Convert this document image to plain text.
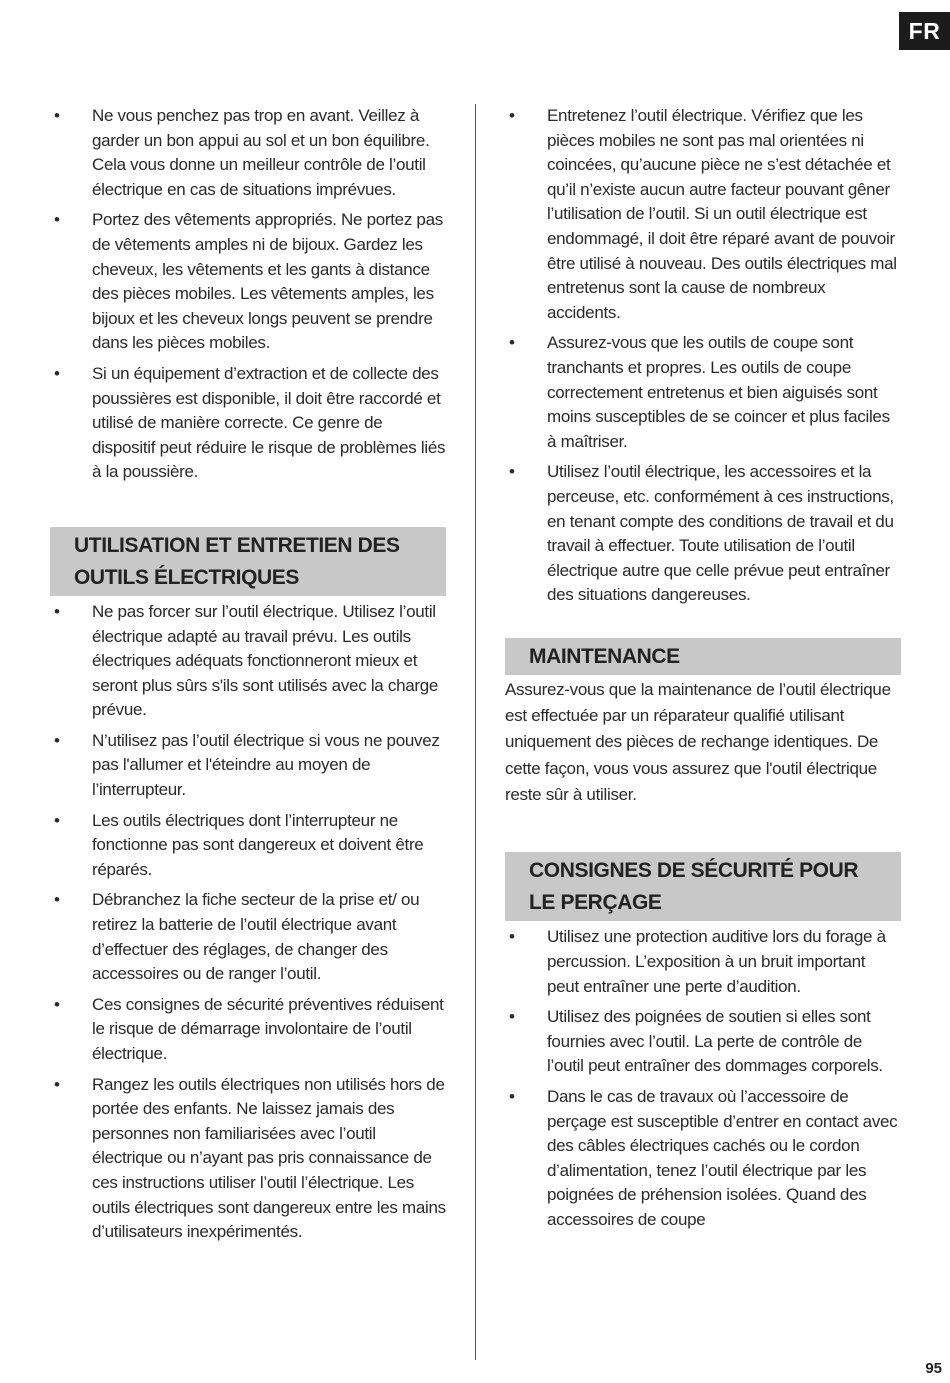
FR
• Ne vous penchez pas trop en avant. Veillez à garder un bon appui au sol et un bon équilibre. Cela vous donne un meilleur contrôle de l’outil électrique en cas de situations imprévues.
• Portez des vêtements appropriés. Ne portez pas de vêtements amples ni de bijoux. Gardez les cheveux, les vêtements et les gants à distance des pièces mobiles. Les vêtements amples, les bijoux et les cheveux longs peuvent se prendre dans les pièces mobiles.
• Si un équipement d’extraction et de collecte des poussières est disponible, il doit être raccordé et utilisé de manière correcte. Ce genre de dispositif peut réduire le risque de problèmes liés à la poussière.
UTILISATION ET ENTRETIEN DES OUTILS ÉLECTRIQUES
• Ne pas forcer sur l’outil électrique. Utilisez l’outil électrique adapté au travail prévu. Les outils électriques adéquats fonctionneront mieux et seront plus sûrs s'ils sont utilisés avec la charge prévue.
• N’utilisez pas l’outil électrique si vous ne pouvez pas l'allumer et l'éteindre au moyen de l’interrupteur.
• Les outils électriques dont l’interrupteur ne fonctionne pas sont dangereux et doivent être réparés.
• Débranchez la fiche secteur de la prise et/ ou retirez la batterie de l’outil électrique avant d’effectuer des réglages, de changer des accessoires ou de ranger l’outil.
• Ces consignes de sécurité préventives réduisent le risque de démarrage involontaire de l’outil électrique.
• Rangez les outils électriques non utilisés hors de portée des enfants. Ne laissez jamais des personnes non familiarisées avec l’outil électrique ou n’ayant pas pris connaissance de ces instructions utiliser l’outil l’électrique. Les outils électriques sont dangereux entre les mains d’utilisateurs inexpérimentés.
• Entretenez l’outil électrique. Vérifiez que les pièces mobiles ne sont pas mal orientées ni coincées, qu’aucune pièce ne s’est détachée et qu’il n’existe aucun autre facteur pouvant gêner l’utilisation de l’outil. Si un outil électrique est endommagé, il doit être réparé avant de pouvoir être utilisé à nouveau. Des outils électriques mal entretenus sont la cause de nombreux accidents.
• Assurez-vous que les outils de coupe sont tranchants et propres. Les outils de coupe correctement entretenus et bien aiguisés sont moins susceptibles de se coincer et plus faciles à maîtriser.
• Utilisez l’outil électrique, les accessoires et la perceuse, etc. conformément à ces instructions, en tenant compte des conditions de travail et du travail à effectuer. Toute utilisation de l’outil électrique autre que celle prévue peut entraîner des situations dangereuses.
MAINTENANCE

Assurez-vous que la maintenance de l’outil électrique est effectuée par un réparateur qualifié utilisant uniquement des pièces de rechange identiques. De cette façon, vous vous assurez que l'outil électrique reste sûr à utiliser.

CONSIGNES DE SÉCURITÉ POUR LE PERÇAGE
• Utilisez une protection auditive lors du forage à percussion. L’exposition à un bruit important peut entraîner une perte d’audition.
• Utilisez des poignées de soutien si elles sont fournies avec l’outil. La perte de contrôle de l’outil peut entraîner des dommages corporels.
• Dans le cas de travaux où l’accessoire de perçage est susceptible d’entrer en contact avec des câbles électriques cachés ou le cordon d’alimentation, tenez l’outil électrique par les poignées de préhension isolées. Quand des accessoires de coupe
95
